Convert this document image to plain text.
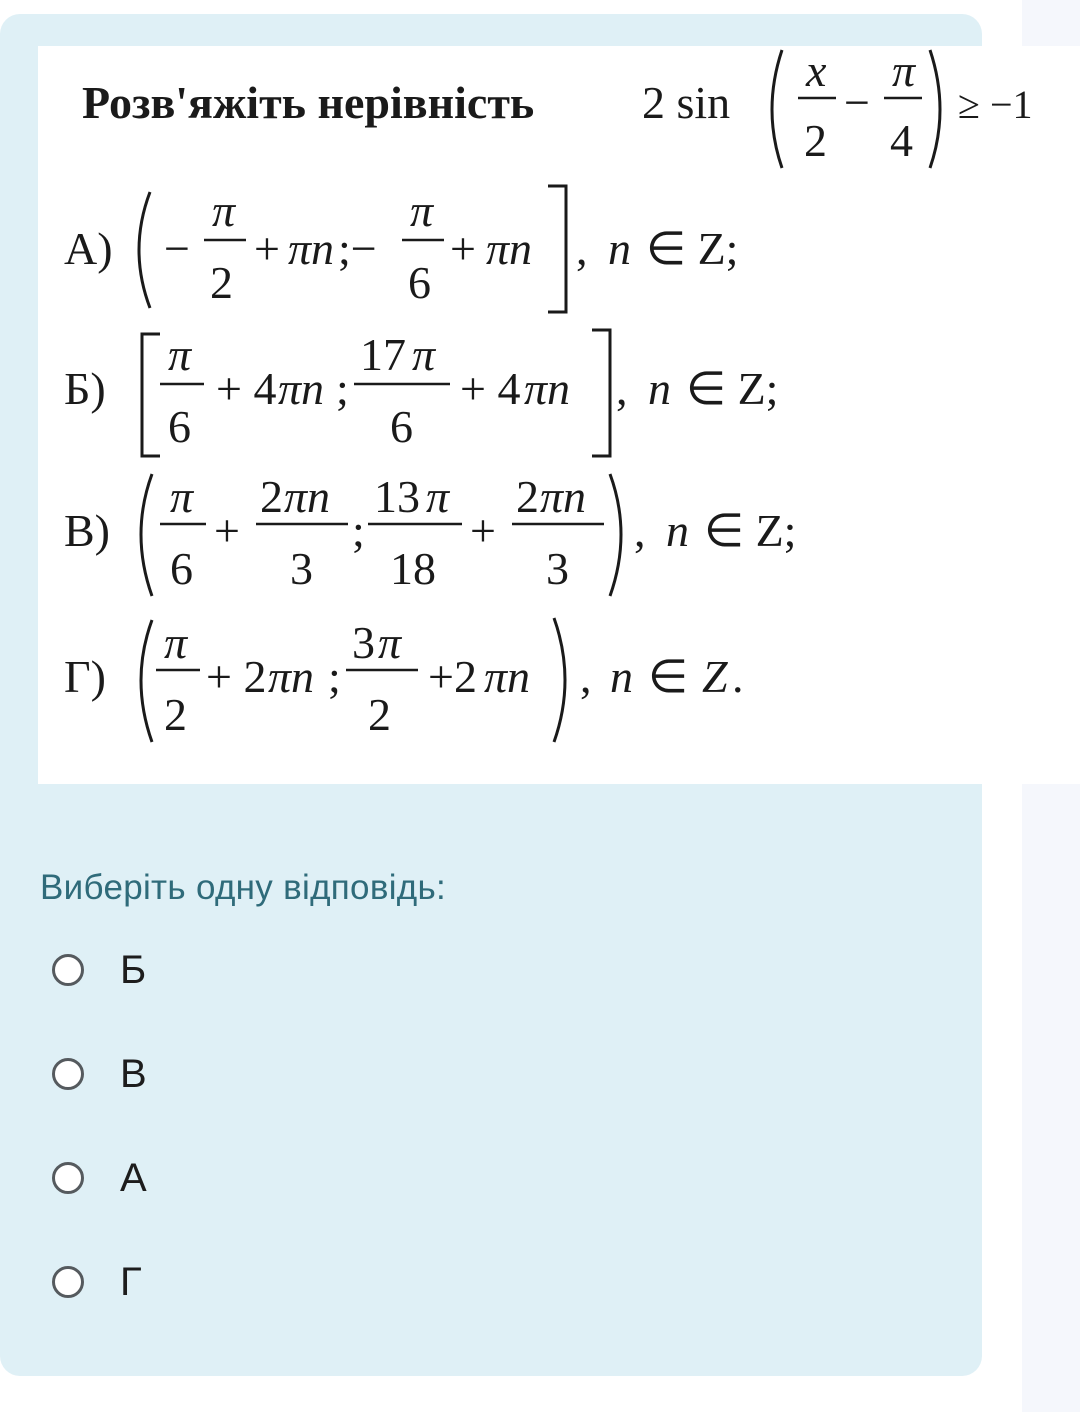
Розв'яжіть нерівність 2 sin
x
2
−
π
4
≥ −1
А) −
π
2
+ πn ;−
π
6
+ πn , n ∈ Z;
Б)
π
6
+ 4 πn ;
17 π
6
+ 4 πn , n ∈ Z;
В)
π
6
+
2 πn
3
;
13 π
18
+
2 πn
3
, n ∈ Z;
Г)
π
2
+ 2 πn ;
3 π
2
+2 πn , n ∈ Z .
Виберіть одну відповідь:
Б
В
А
Г
